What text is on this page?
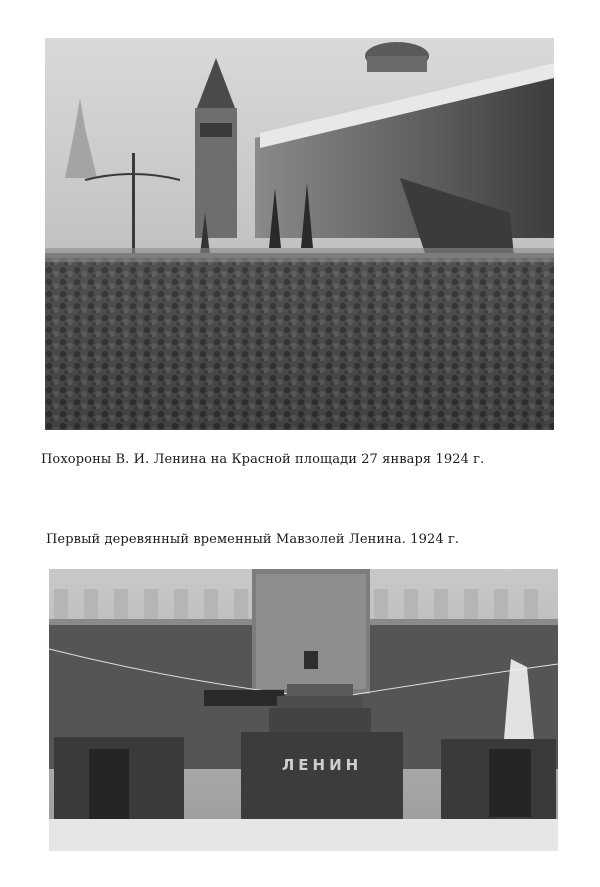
Похороны В. И. Ленина на Красной площади 27 января 1924 г.
Первый деревянный временный Мавзолей Ленина. 1924 г.
ЛЕНИН
